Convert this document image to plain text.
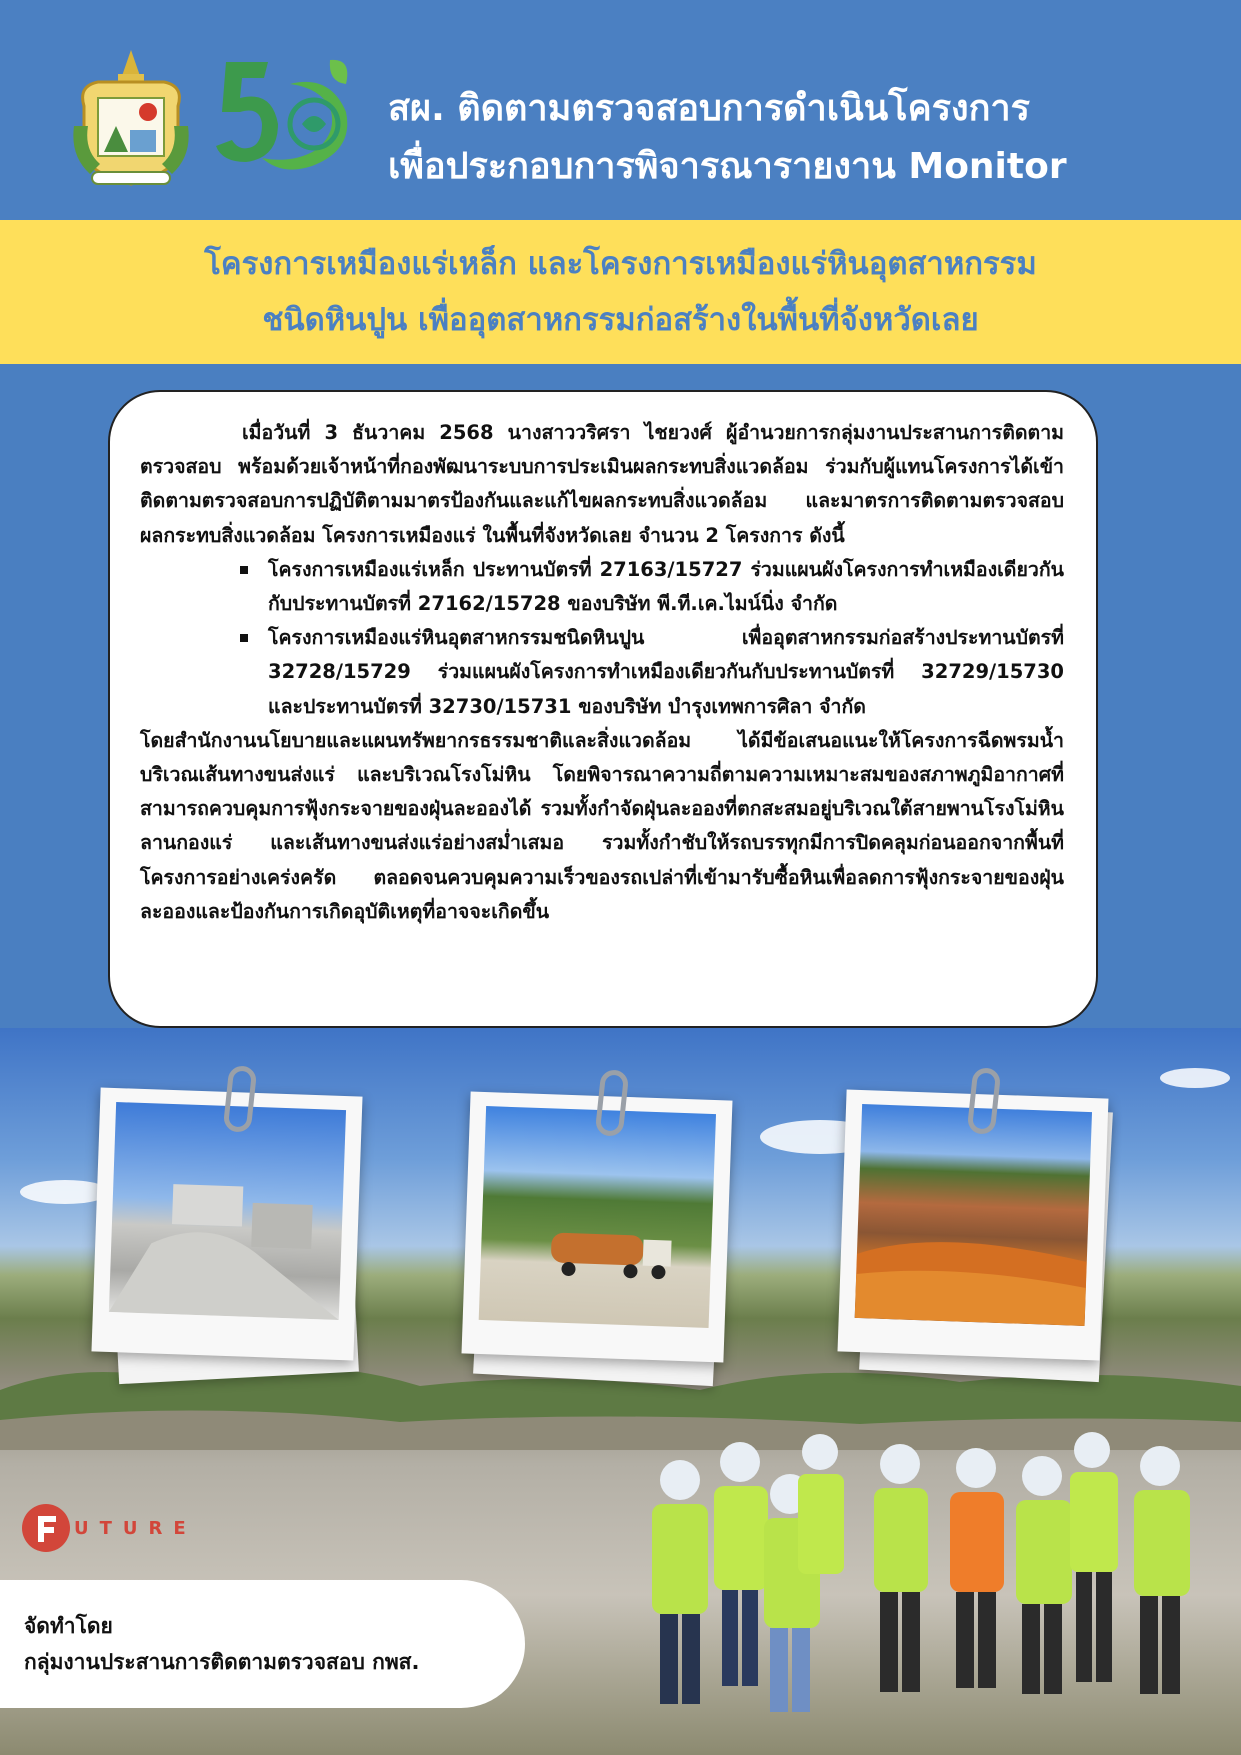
สผ. ติดตามตรวจสอบการดำเนินโครงการ
เพื่อประกอบการพิจารณารายงาน Monitor
โครงการเหมืองแร่เหล็ก และโครงการเหมืองแร่หินอุตสาหกรรม
ชนิดหินปูน เพื่ออุตสาหกรรมก่อสร้างในพื้นที่จังหวัดเลย

เมื่อวันที่ 3 ธันวาคม 2568 นางสาววริศรา ไชยวงศ์ ผู้อำนวยการกลุ่มงานประสานการติดตามตรวจสอบ พร้อมด้วยเจ้าหน้าที่กองพัฒนาระบบการประเมินผลกระทบสิ่งแวดล้อม ร่วมกับผู้แทนโครงการได้เข้าติดตามตรวจสอบการปฏิบัติตามมาตรป้องกันและแก้ไขผลกระทบสิ่งแวดล้อม และมาตรการติดตามตรวจสอบผลกระทบสิ่งแวดล้อม โครงการเหมืองแร่ ในพื้นที่จังหวัดเลย จำนวน 2 โครงการ ดังนี้

โครงการเหมืองแร่เหล็ก ประทานบัตรที่ 27163/15727 ร่วมแผนผังโครงการทำเหมืองเดียวกันกับประทานบัตรที่ 27162/15728 ของบริษัท พี.ที.เค.ไมน์นิ่ง จำกัด
โครงการเหมืองแร่หินอุตสาหกรรมชนิดหินปูน เพื่ออุตสาหกรรมก่อสร้างประทานบัตรที่ 32728/15729 ร่วมแผนผังโครงการทำเหมืองเดียวกันกับประทานบัตรที่ 32729/15730 และประทานบัตรที่ 32730/15731 ของบริษัท บำรุงเทพการศิลา จำกัด

โดยสำนักงานนโยบายและแผนทรัพยากรธรรมชาติและสิ่งแวดล้อม ได้มีข้อเสนอแนะให้โครงการฉีดพรมน้ำบริเวณเส้นทางขนส่งแร่ และบริเวณโรงโม่หิน โดยพิจารณาความถี่ตามความเหมาะสมของสภาพภูมิอากาศที่สามารถควบคุมการฟุ้งกระจายของฝุ่นละอองได้ รวมทั้งกำจัดฝุ่นละอองที่ตกสะสมอยู่บริเวณใต้สายพานโรงโม่หิน ลานกองแร่ และเส้นทางขนส่งแร่อย่างสม่ำเสมอ รวมทั้งกำชับให้รถบรรทุกมีการปิดคลุมก่อนออกจากพื้นที่โครงการอย่างเคร่งครัด ตลอดจนควบคุมความเร็วของรถเปล่าที่เข้ามารับซื้อหินเพื่อลดการฟุ้งกระจายของฝุ่นละอองและป้องกันการเกิดอุบัติเหตุที่อาจจะเกิดขึ้น

UTURE
จัดทำโดย
กลุ่มงานประสานการติดตามตรวจสอบ กพส.
